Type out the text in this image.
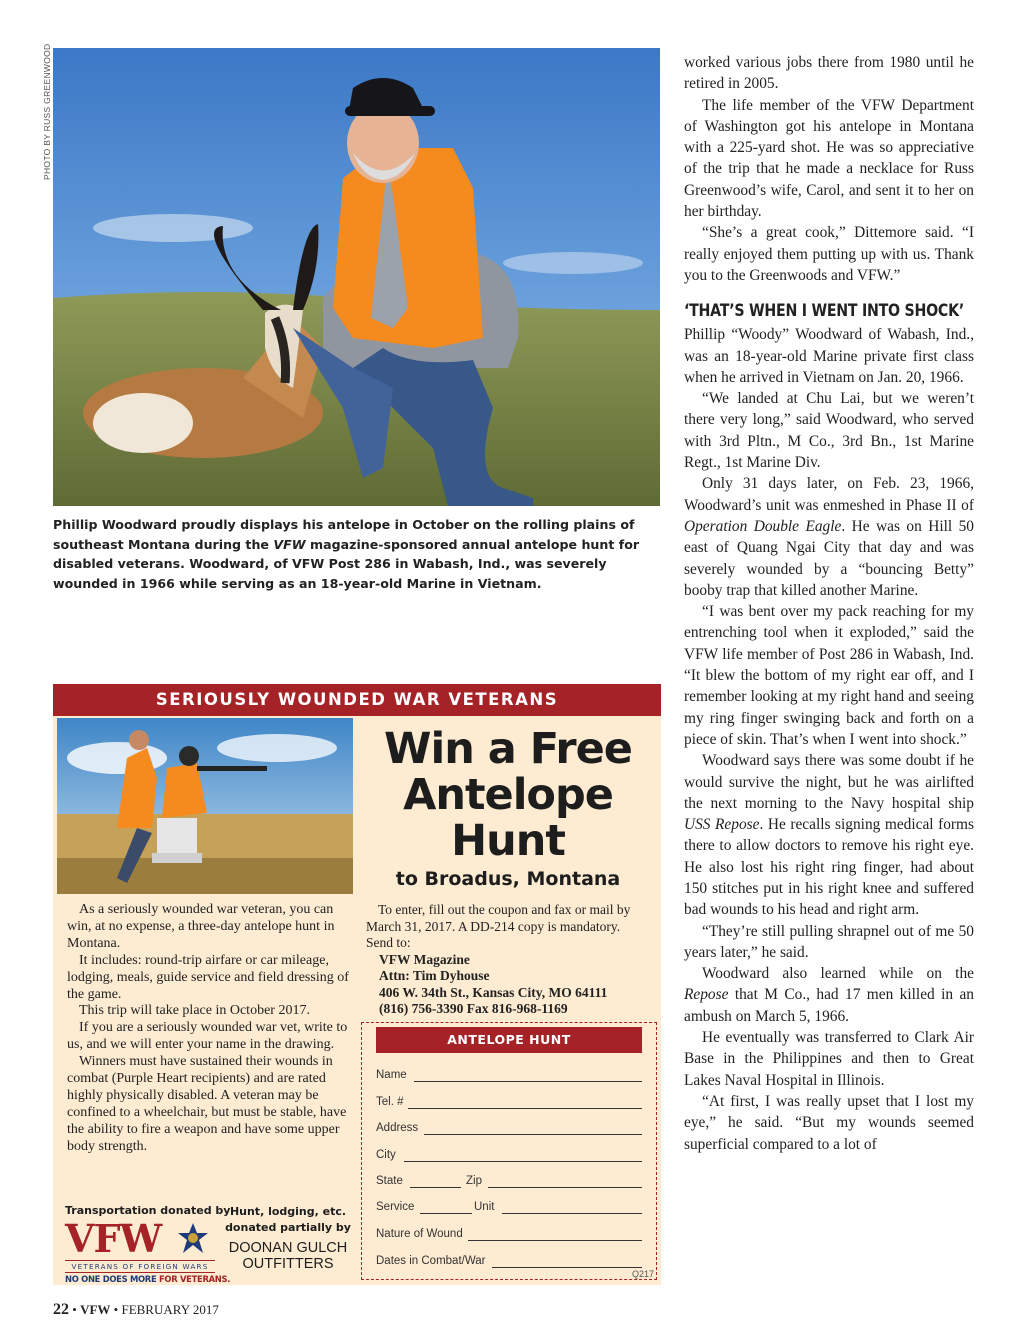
PHOTO BY RUSS GREENWOOD
Phillip Woodward proudly displays his antelope in October on the rolling plains of southeast Montana during the VFW magazine-sponsored annual antelope hunt for disabled veterans. Woodward, of VFW Post 286 in Wabash, Ind., was severely wounded in 1966 while serving as an 18-year-old Marine in Vietnam.

worked various jobs there from 1980 until he retired in 2005.

The life member of the VFW Department of Washington got his antelope in Montana with a 225-yard shot. He was so appreciative of the trip that he made a necklace for Russ Greenwood’s wife, Carol, and sent it to her on her birthday.

“She’s a great cook,” Dittemore said. “I really enjoyed them putting up with us. Thank you to the Greenwoods and VFW.”

‘THAT’S WHEN I WENT INTO SHOCK’

Phillip “Woody” Woodward of Wabash, Ind., was an 18-year-old Marine private first class when he arrived in Vietnam on Jan. 20, 1966.

“We landed at Chu Lai, but we weren’t there very long,” said Woodward, who served with 3rd Pltn., M Co., 3rd Bn., 1st Marine Regt., 1st Marine Div.

Only 31 days later, on Feb. 23, 1966, Woodward’s unit was enmeshed in Phase II of Operation Double Eagle. He was on Hill 50 east of Quang Ngai City that day and was severely wounded by a “bouncing Betty” booby trap that killed another Marine.

“I was bent over my pack reaching for my entrenching tool when it exploded,” said the VFW life member of Post 286 in Wabash, Ind. “It blew the bottom of my right ear off, and I remember looking at my right hand and seeing my ring finger swinging back and forth on a piece of skin. That’s when I went into shock.”

Woodward says there was some doubt if he would survive the night, but he was airlifted the next morning to the Navy hospital ship USS Repose. He recalls signing medical forms there to allow doctors to remove his right eye. He also lost his right ring finger, had about 150 stitches put in his right knee and suffered bad wounds to his head and right arm.

“They’re still pulling shrapnel out of me 50 years later,” he said.

Woodward also learned while on the Repose that M Co., had 17 men killed in an ambush on March 5, 1966.

He eventually was transferred to Clark Air Base in the Philippines and then to Great Lakes Naval Hospital in Illinois.

“At first, I was really upset that I lost my eye,” he said. “But my wounds seemed superficial compared to a lot of

SERIOUSLY WOUNDED WAR VETERANS
Win a Free
Antelope
Hunt
to Broadus, Montana

As a seriously wounded war veteran, you can win, at no expense, a three-day antelope hunt in Montana.

It includes: round-trip airfare or car mileage, lodging, meals, guide service and field dressing of the game.

This trip will take place in October 2017.

If you are a seriously wounded war vet, write to us, and we will enter your name in the drawing.

Winners must have sustained their wounds in combat (Purple Heart recipients) and are rated highly physically disabled. A veteran may be confined to a wheelchair, but must be stable, have the ability to fire a weapon and have some upper body strength.

To enter, fill out the coupon and fax or mail by March 31, 2017. A DD-214 copy is mandatory. Send to:

VFW Magazine

Attn: Tim Dyhouse

406 W. 34th St., Kansas City, MO 64111

(816) 756-3390 Fax 816-968-1169

Transportation donated by
VFW
VETERANS OF FOREIGN WARS
NO ONE DOES MORE FOR VETERANS.
Hunt, lodging, etc. donated partially by
DOONAN GULCH OUTFITTERS
ANTELOPE HUNT
Name
Tel. #
Address
City
State	Zip
Service	Unit
Nature of Wound
Dates in Combat/War
Q217
22 • VFW • FEBRUARY 2017
